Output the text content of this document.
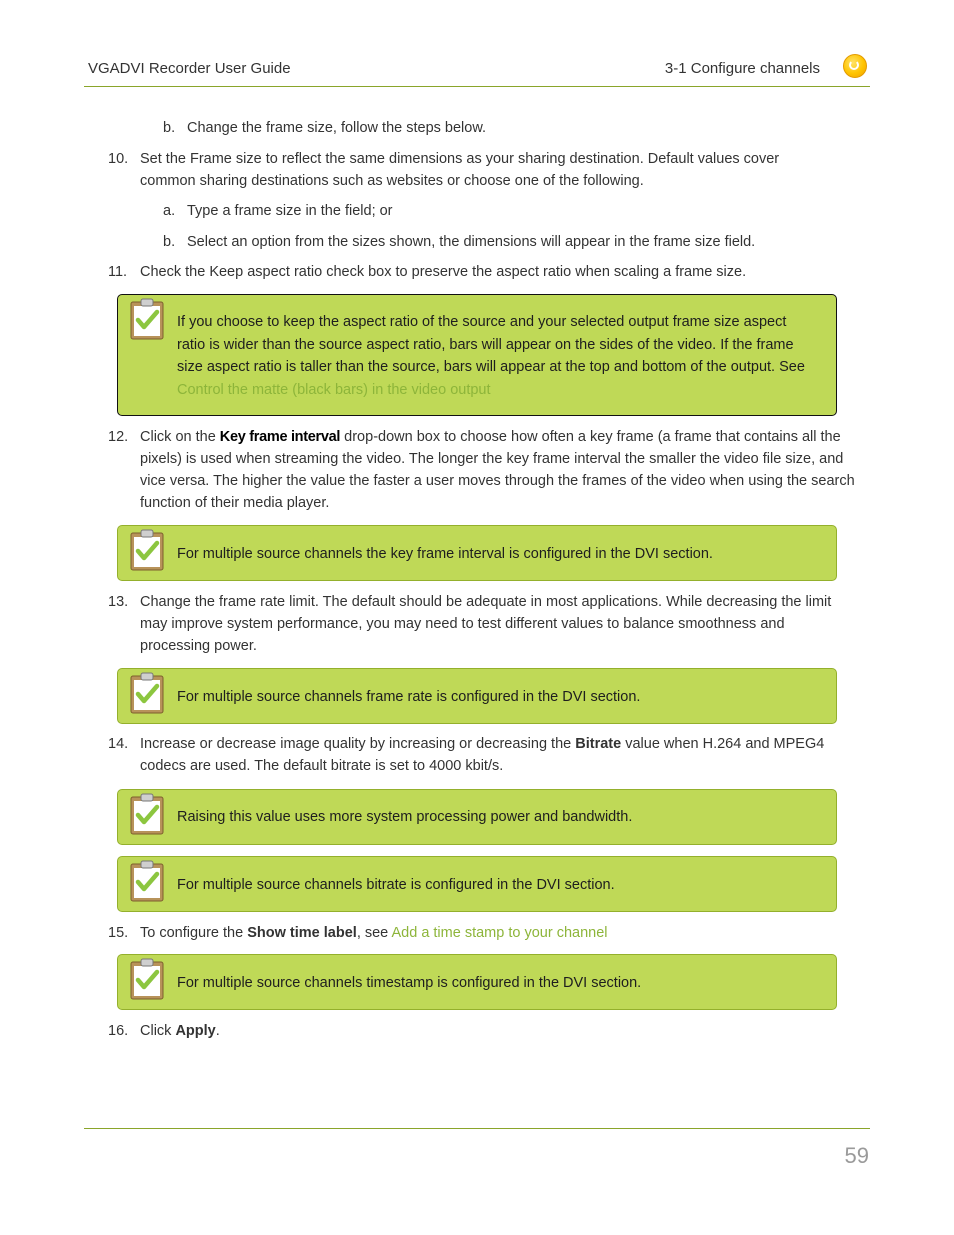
VGADVI Recorder User Guide	3-1 Configure channels
b. Change the frame size, follow the steps below.
10. Set the Frame size to reflect the same dimensions as your sharing destination. Default values cover common sharing destinations such as websites or choose one of the following.
a. Type a frame size in the field; or
b. Select an option from the sizes shown, the dimensions will appear in the frame size field.
11. Check the Keep aspect ratio check box to preserve the aspect ratio when scaling a frame size.
If you choose to keep the aspect ratio of the source and your selected output frame size aspect ratio is wider than the source aspect ratio, bars will appear on the sides of the video. If the frame size aspect ratio is taller than the source, bars will appear at the top and bottom of the output. See Control the matte (black bars) in the video output
12. Click on the Key frame interval drop-down box to choose how often a key frame (a frame that contains all the pixels) is used when streaming the video. The longer the key frame interval the smaller the video file size, and vice versa. The higher the value the faster a user moves through the frames of the video when using the search function of their media player.
For multiple source channels the key frame interval is configured in the DVI section.
13. Change the frame rate limit. The default should be adequate in most applications. While decreasing the limit may improve system performance, you may need to test different values to balance smoothness and processing power.
For multiple source channels frame rate is configured in the DVI section.
14. Increase or decrease image quality by increasing or decreasing the Bitrate value when H.264 and MPEG4 codecs are used. The default bitrate is set to 4000 kbit/s.
Raising this value uses more system processing power and bandwidth.
For multiple source channels bitrate is configured in the DVI section.
15. To configure the Show time label, see Add a time stamp to your channel
For multiple source channels timestamp is configured in the DVI section.
16. Click Apply.
59
